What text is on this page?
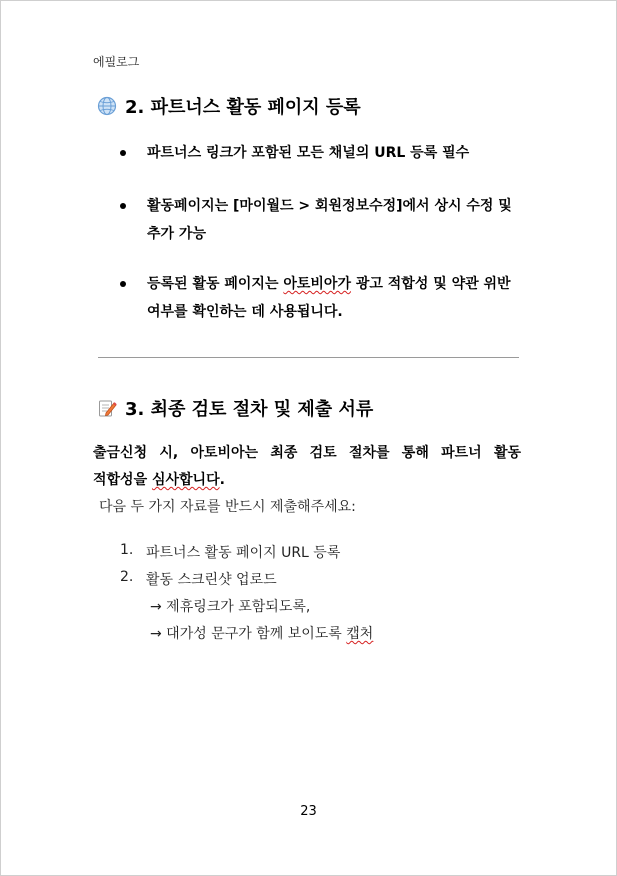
에필로그
2. 파트너스 활동 페이지 등록
파트너스 링크가 포함된 모든 채널의 URL 등록 필수
활동페이지는 [마이월드 > 회원정보수정]에서 상시 수정 및
추가 가능
등록된 활동 페이지는 아토비아가 광고 적합성 및 약관 위반
여부를 확인하는 데 사용됩니다.
3. 최종 검토 절차 및 제출 서류
출금신청 시, 아토비아는 최종 검토 절차를 통해 파트너 활동
적합성을 심사합니다.
다음 두 가지 자료를 반드시 제출해주세요:
1. 파트너스 활동 페이지 URL 등록
2. 활동 스크린샷 업로드
→ 제휴링크가 포함되도록,
→ 대가성 문구가 함께 보이도록 캡처
23
